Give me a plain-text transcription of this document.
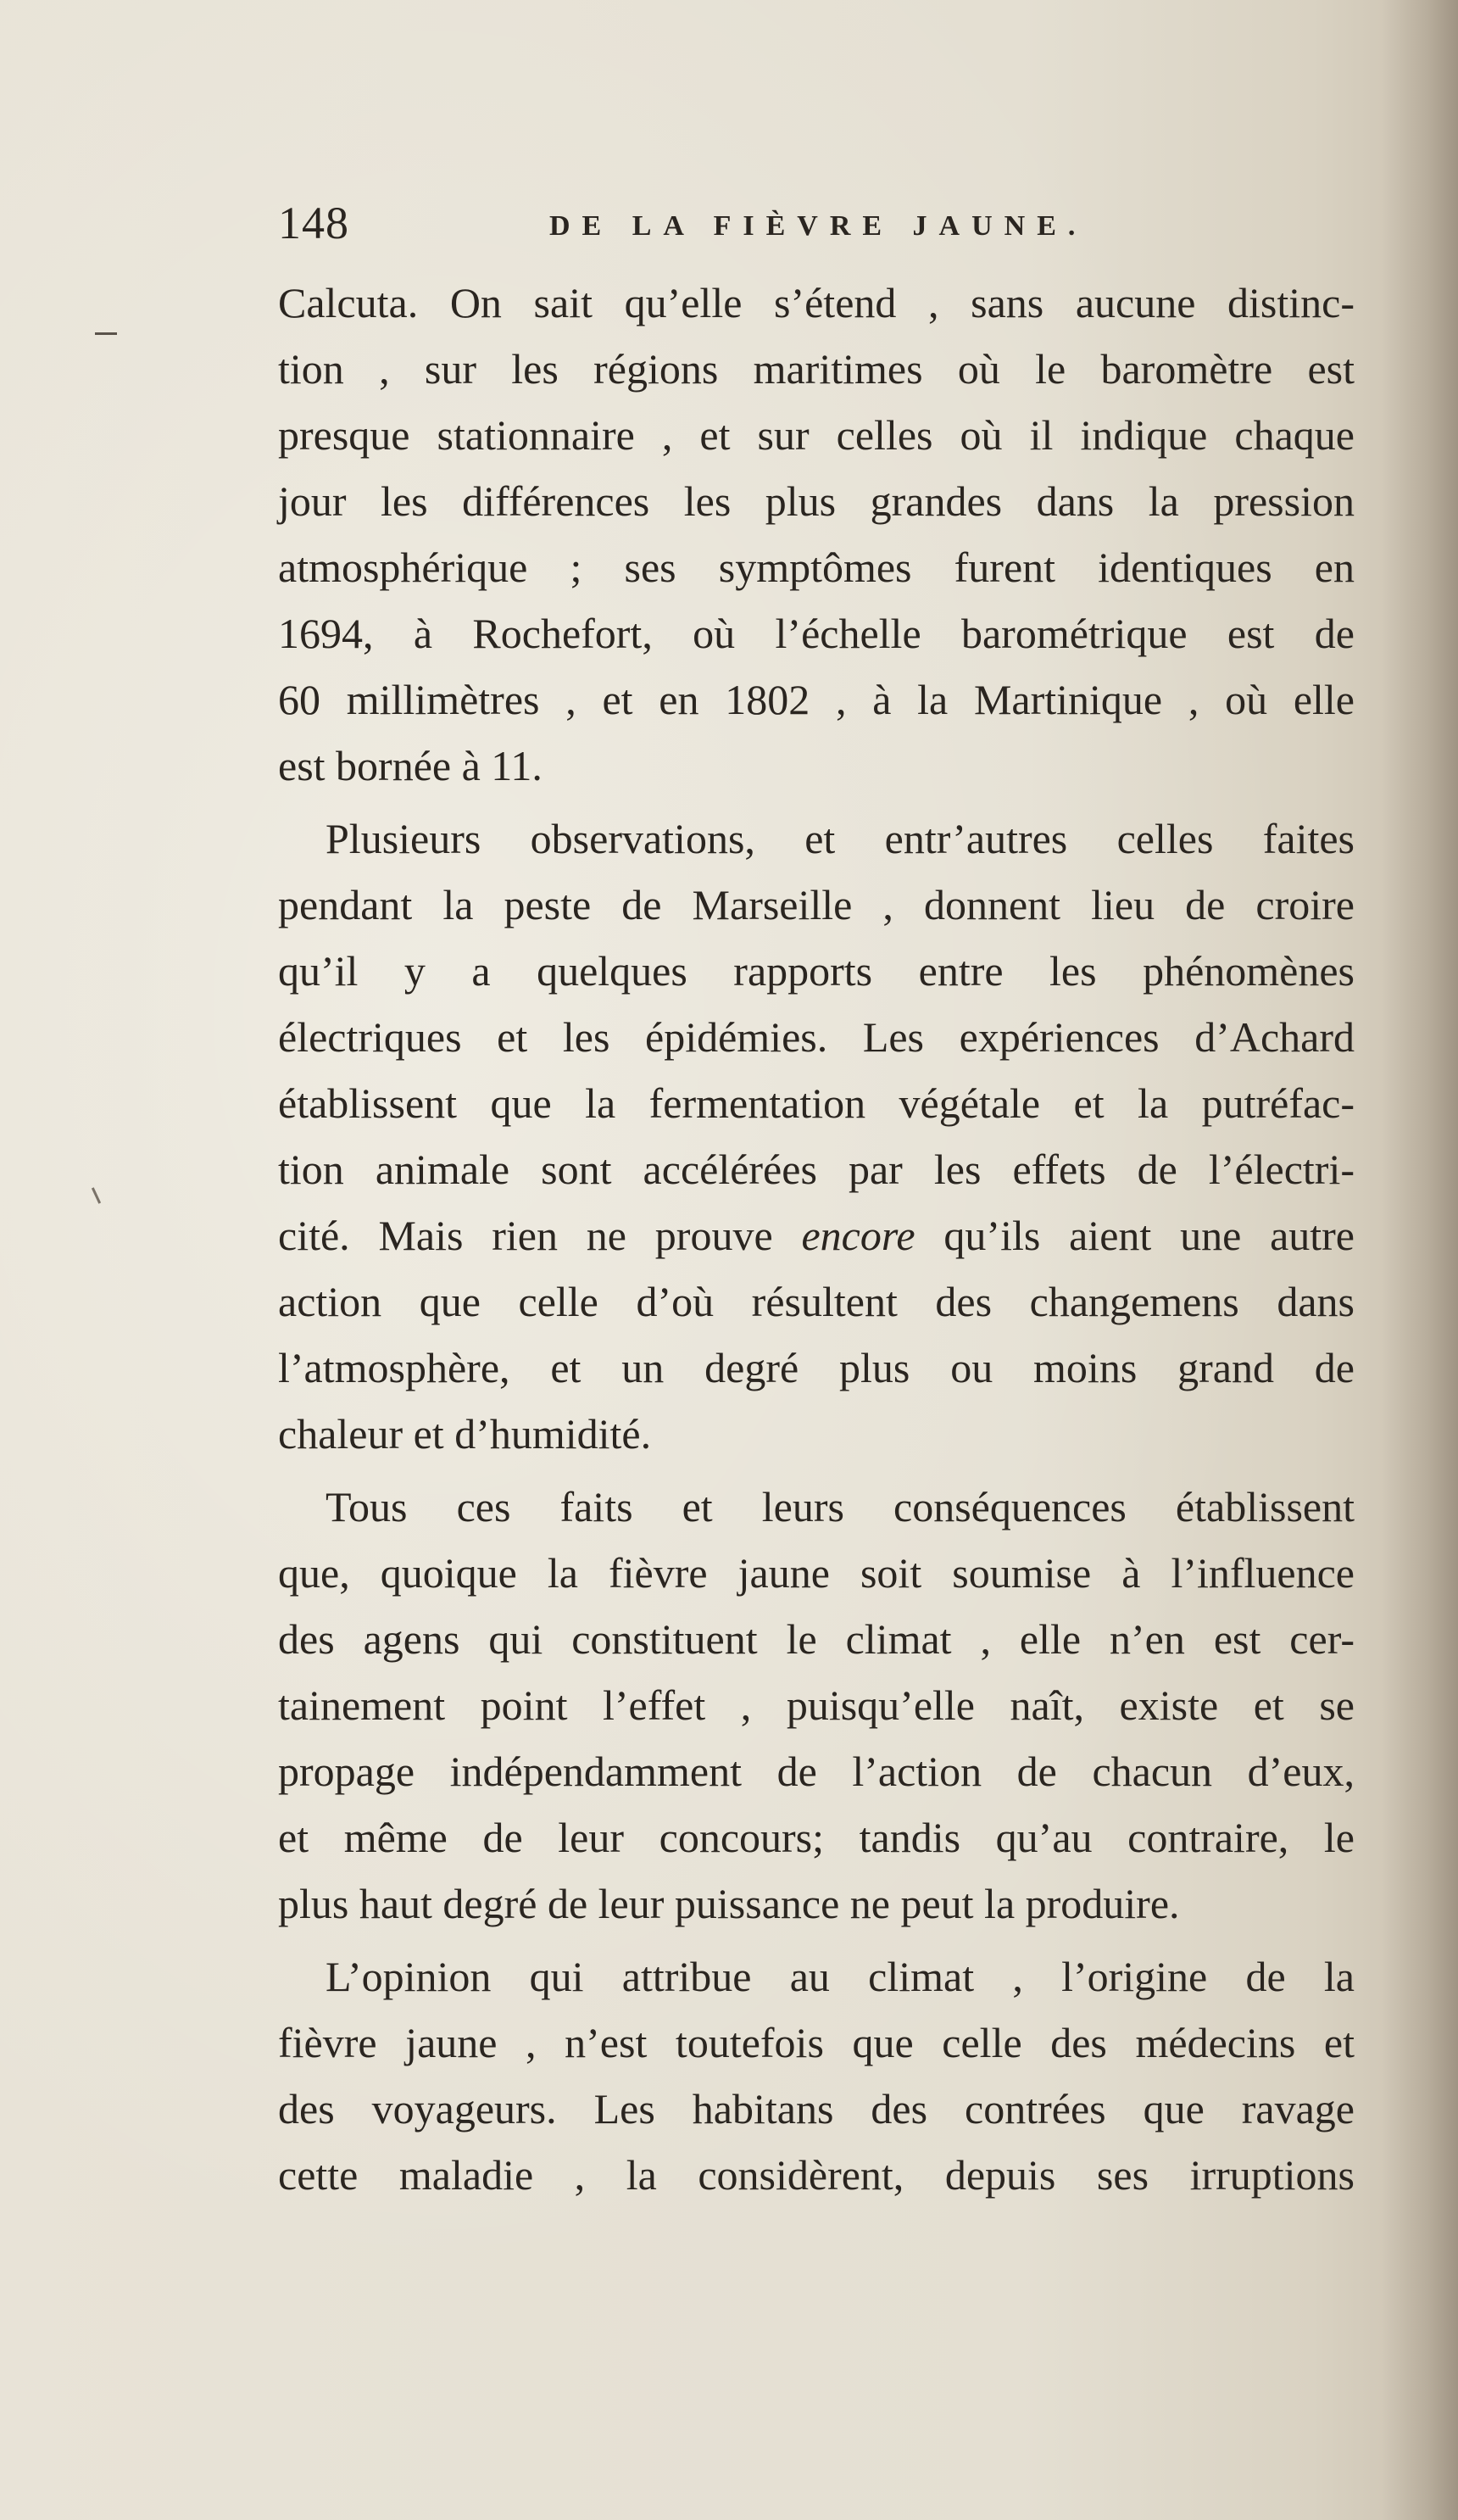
148	DE LA FIÈVRE JAUNE.
Calcuta. On sait qu’elle s’étend , sans aucune distinc-
tion , sur les régions maritimes où le baromètre est
presque stationnaire , et sur celles où il indique chaque
jour les différences les plus grandes dans la pression
atmosphérique ; ses symptômes furent identiques en
1694, à Rochefort, où l’échelle barométrique est de
60 millimètres , et en 1802 , à la Martinique , où elle
est bornée à 11.
Plusieurs observations, et entr’autres celles faites
pendant la peste de Marseille , donnent lieu de croire
qu’il y a quelques rapports entre les phénomènes
électriques et les épidémies. Les expériences d’Achard
établissent que la fermentation végétale et la putréfac-
tion animale sont accélérées par les effets de l’électri-
cité. Mais rien ne prouve encore qu’ils aient une autre
action que celle d’où résultent des changemens dans
l’atmosphère, et un degré plus ou moins grand de
chaleur et d’humidité.
Tous ces faits et leurs conséquences établissent
que, quoique la fièvre jaune soit soumise à l’influence
des agens qui constituent le climat , elle n’en est cer-
tainement point l’effet , puisqu’elle naît, existe et se
propage indépendamment de l’action de chacun d’eux,
et même de leur concours; tandis qu’au contraire, le
plus haut degré de leur puissance ne peut la produire.
L’opinion qui attribue au climat , l’origine de la
fièvre jaune , n’est toutefois que celle des médecins et
des voyageurs. Les habitans des contrées que ravage
cette maladie , la considèrent, depuis ses irruptions
